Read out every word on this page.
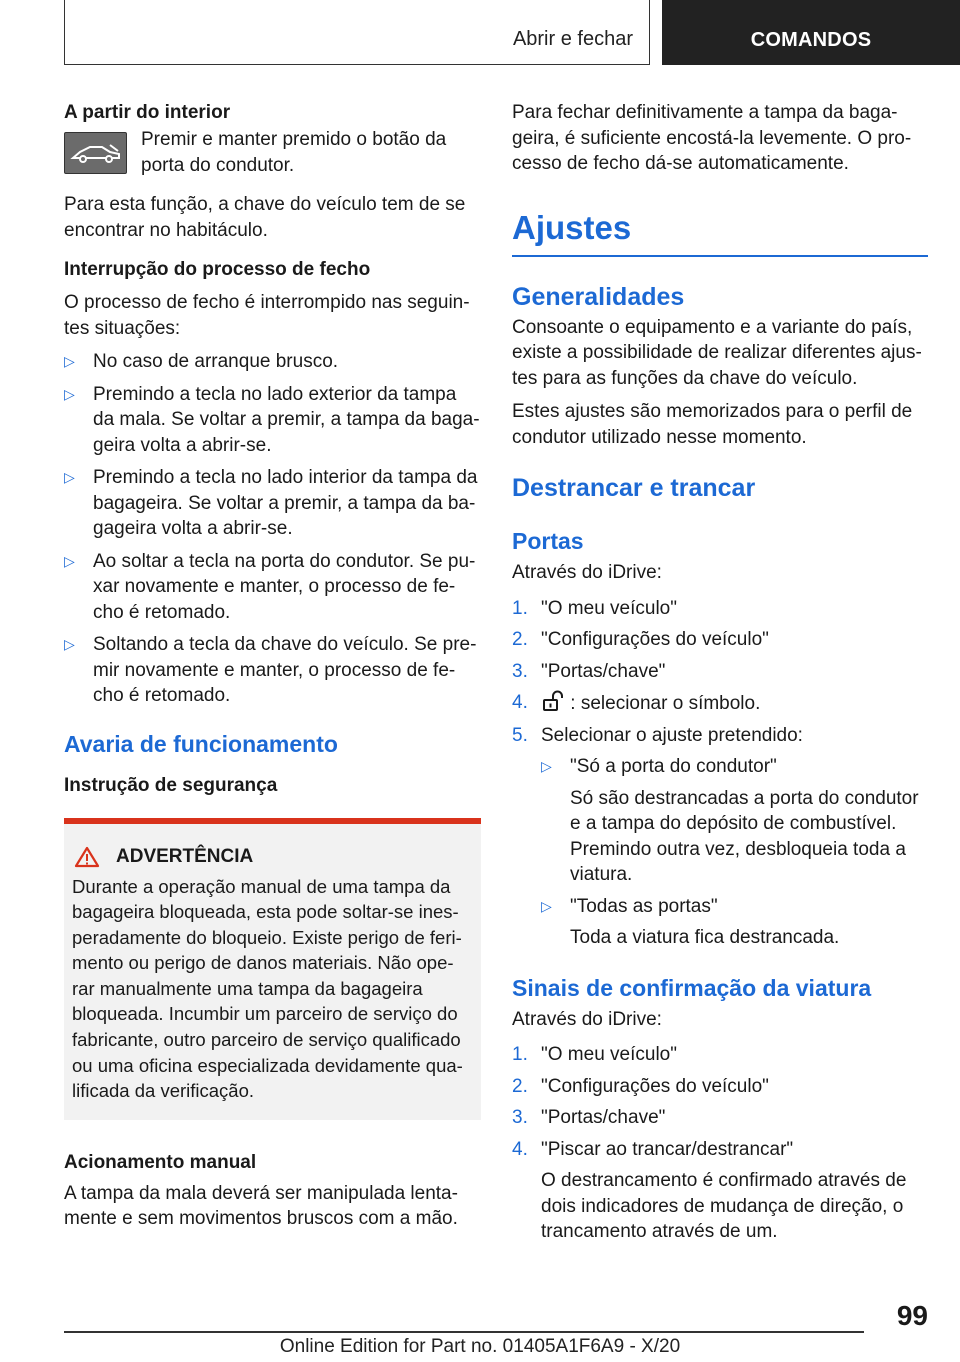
Abrir e fechar	COMANDOS
A partir do interior

Premir e manter premido o botão da porta do condutor.

Para esta função, a chave do veículo tem de se encontrar no habitáculo.

Interrupção do processo de fecho

O processo de fecho é interrompido nas seguin-tes situações:

▷ No caso de arranque brusco.
▷ Premindo a tecla no lado exterior da tampa da mala. Se voltar a premir, a tampa da baga-geira volta a abrir-se.
▷ Premindo a tecla no lado interior da tampa da bagageira. Se voltar a premir, a tampa da ba-gageira volta a abrir-se.
▷ Ao soltar a tecla na porta do condutor. Se pu-xar novamente e manter, o processo de fe-cho é retomado.
▷ Soltando a tecla da chave do veículo. Se pre-mir novamente e manter, o processo de fe-cho é retomado.
Avaria de funcionamento
Instrução de segurança
ADVERTÊNCIA

Durante a operação manual de uma tampa da bagageira bloqueada, esta pode soltar-se ines-peradamente do bloqueio. Existe perigo de feri-mento ou perigo de danos materiais. Não ope-rar manualmente uma tampa da bagageira bloqueada. Incumbir um parceiro de serviço do fabricante, outro parceiro de serviço qualificado ou uma oficina especializada devidamente qua-lificada da verificação.

Acionamento manual

A tampa da mala deverá ser manipulada lenta-mente e sem movimentos bruscos com a mão.

Para fechar definitivamente a tampa da baga-geira, é suficiente encostá-la levemente. O pro-cesso de fecho dá-se automaticamente.

Ajustes
Generalidades

Consoante o equipamento e a variante do país, existe a possibilidade de realizar diferentes ajus-tes para as funções da chave do veículo.

Estes ajustes são memorizados para o perfil de condutor utilizado nesse momento.

Destrancar e trancar
Portas

Através do iDrive:

1. "O meu veículo"
2. "Configurações do veículo"
3. "Portas/chave"
4. : selecionar o símbolo.
5. Selecionar o ajuste pretendido:
▷ "Só a porta do condutor"
Só são destrancadas a porta do condutor e a tampa do depósito de combustível. Premindo outra vez, desbloqueia toda a viatura.
▷ "Todas as portas"
Toda a viatura fica destrancada.
Sinais de confirmação da viatura

Através do iDrive:

1. "O meu veículo"
2. "Configurações do veículo"
3. "Portas/chave"
4. "Piscar ao trancar/destrancar"
O destrancamento é confirmado através de dois indicadores de mudança de direção, o trancamento através de um.
99
Online Edition for Part no. 01405A1F6A9 - X/20
